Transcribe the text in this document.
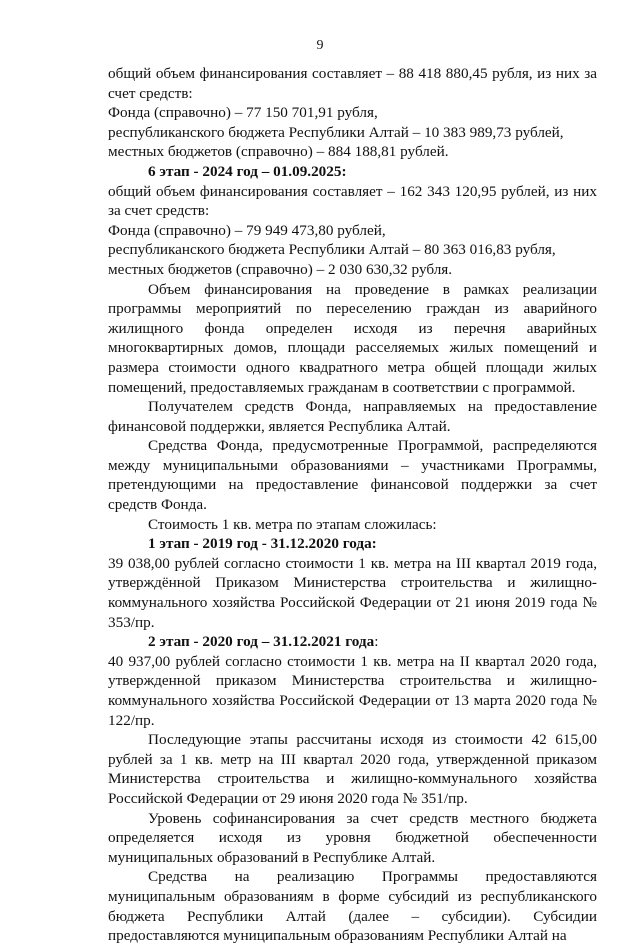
9

общий объем финансирования составляет – 88 418 880,45 рубля, из них за счет средств:

Фонда (справочно) – 77 150 701,91 рубля,

республиканского бюджета Республики Алтай – 10 383 989,73 рублей,

местных бюджетов (справочно) – 884 188,81 рублей.

6 этап - 2024 год – 01.09.2025:

общий объем финансирования составляет – 162 343 120,95 рублей, из них за счет средств:

Фонда (справочно) – 79 949 473,80 рублей,

республиканского бюджета Республики Алтай – 80 363 016,83 рубля,

местных бюджетов (справочно) – 2 030 630,32 рубля.

Объем финансирования на проведение в рамках реализации программы мероприятий по переселению граждан из аварийного жилищного фонда определен исходя из перечня аварийных многоквартирных домов, площади расселяемых жилых помещений и размера стоимости одного квадратного метра общей площади жилых помещений, предоставляемых гражданам в соответствии с программой.

Получателем средств Фонда, направляемых на предоставление финансовой поддержки, является Республика Алтай.

Средства Фонда, предусмотренные Программой, распределяются между муниципальными образованиями – участниками Программы, претендующими на предоставление финансовой поддержки за счет средств Фонда.

Стоимость 1 кв. метра по этапам сложилась:

1 этап - 2019 год - 31.12.2020 года:

39 038,00 рублей согласно стоимости 1 кв. метра на III квартал 2019 года, утверждённой Приказом Министерства строительства и жилищно-коммунального хозяйства Российской Федерации от 21 июня 2019 года № 353/пр.

2 этап - 2020 год – 31.12.2021 года:

40 937,00 рублей согласно стоимости 1 кв. метра на II квартал 2020 года, утвержденной приказом Министерства строительства и жилищно-коммунального хозяйства Российской Федерации от 13 марта 2020 года № 122/пр.

Последующие этапы рассчитаны исходя из стоимости 42 615,00 рублей за 1 кв. метр на III квартал 2020 года, утвержденной приказом Министерства строительства и жилищно-коммунального хозяйства Российской Федерации от 29 июня 2020 года № 351/пр.

Уровень софинансирования за счет средств местного бюджета определяется исходя из уровня бюджетной обеспеченности муниципальных образований в Республике Алтай.

Средства на реализацию Программы предоставляются муниципальным образованиям в форме субсидий из республиканского бюджета Республики Алтай (далее – субсидии). Субсидии предоставляются муниципальным образованиям Республики Алтай на
